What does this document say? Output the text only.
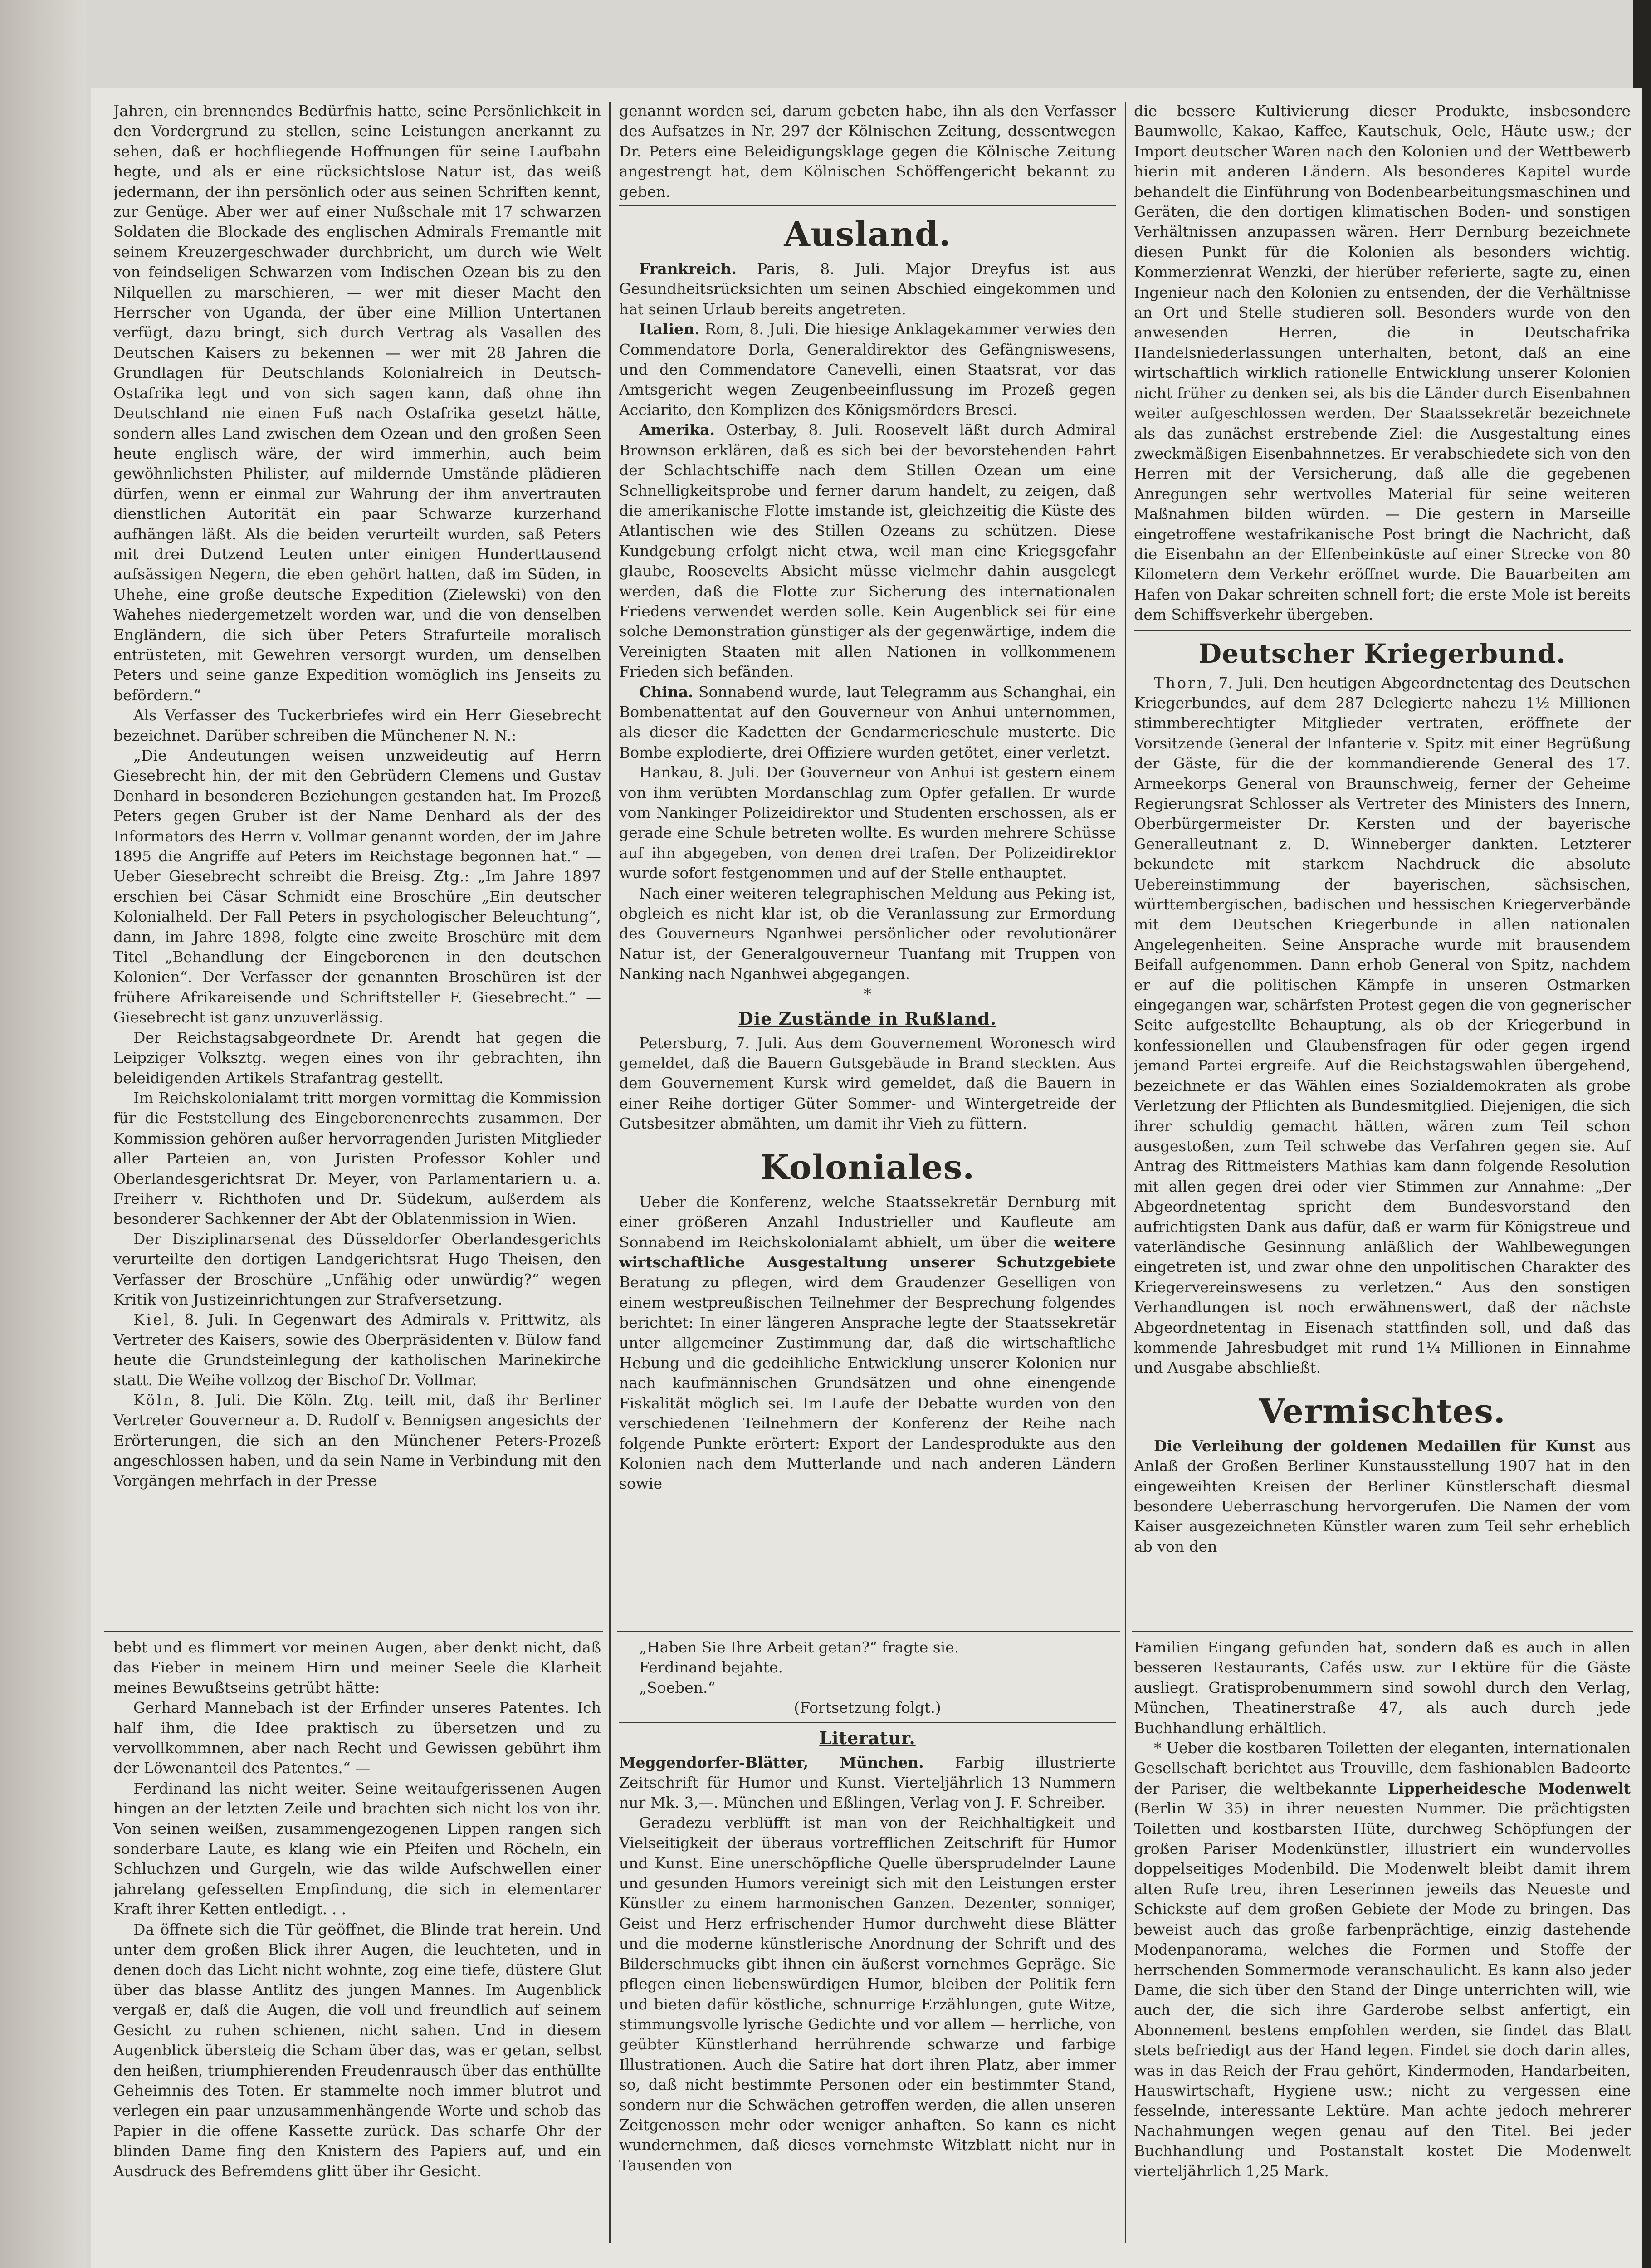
Jahren, ein brennendes Bedürfnis hatte, seine Persönlichkeit in den Vordergrund zu stellen, seine Leistungen anerkannt zu sehen, daß er hochfliegende Hoffnungen für seine Laufbahn hegte, und als er eine rücksichtslose Natur ist, das weiß jedermann, der ihn persönlich oder aus seinen Schriften kennt, zur Genüge. Aber wer auf einer Nußschale mit 17 schwarzen Soldaten die Blockade des englischen Admirals Fremantle mit seinem Kreuzergeschwader durchbricht, um durch wie Welt von feindseligen Schwarzen vom Indischen Ozean bis zu den Nilquellen zu marschieren, — wer mit dieser Macht den Herrscher von Uganda, der über eine Million Untertanen verfügt, dazu bringt, sich durch Vertrag als Vasallen des Deutschen Kaisers zu bekennen — wer mit 28 Jahren die Grundlagen für Deutschlands Kolonialreich in Deutsch-Ostafrika legt und von sich sagen kann, daß ohne ihn Deutschland nie einen Fuß nach Ostafrika gesetzt hätte, sondern alles Land zwischen dem Ozean und den großen Seen heute englisch wäre, der wird immerhin, auch beim gewöhnlichsten Philister, auf mildernde Umstände plädieren dürfen, wenn er einmal zur Wahrung der ihm anvertrauten dienstlichen Autorität ein paar Schwarze kurzerhand aufhängen läßt. Als die beiden verurteilt wurden, saß Peters mit drei Dutzend Leuten unter einigen Hunderttausend aufsässigen Negern, die eben gehört hatten, daß im Süden, in Uhehe, eine große deutsche Expedition (Zielewski) von den Wahehes niedergemetzelt worden war, und die von denselben Engländern, die sich über Peters Strafurteile moralisch entrüsteten, mit Gewehren versorgt wurden, um denselben Peters und seine ganze Expedition womöglich ins Jenseits zu befördern.“

Als Verfasser des Tuckerbriefes wird ein Herr Giesebrecht bezeichnet. Darüber schreiben die Münchener N. N.:

„Die Andeutungen weisen unzweideutig auf Herrn Giesebrecht hin, der mit den Gebrüdern Clemens und Gustav Denhard in besonderen Beziehungen gestanden hat. Im Prozeß Peters gegen Gruber ist der Name Denhard als der des Informators des Herrn v. Vollmar genannt worden, der im Jahre 1895 die Angriffe auf Peters im Reichstage begonnen hat.“ — Ueber Giesebrecht schreibt die Breisg. Ztg.: „Im Jahre 1897 erschien bei Cäsar Schmidt eine Broschüre „Ein deutscher Kolonialheld. Der Fall Peters in psychologischer Beleuchtung“, dann, im Jahre 1898, folgte eine zweite Broschüre mit dem Titel „Behandlung der Eingeborenen in den deutschen Kolonien“. Der Verfasser der genannten Broschüren ist der frühere Afrikareisende und Schriftsteller F. Giesebrecht.“ — Giesebrecht ist ganz unzuverlässig.

Der Reichstagsabgeordnete Dr. Arendt hat gegen die Leipziger Volksztg. wegen eines von ihr gebrachten, ihn beleidigenden Artikels Strafantrag gestellt.

Im Reichskolonialamt tritt morgen vormittag die Kommission für die Feststellung des Eingeborenenrechts zusammen. Der Kommission gehören außer hervorragenden Juristen Mitglieder aller Parteien an, von Juristen Professor Kohler und Oberlandesgerichtsrat Dr. Meyer, von Parlamentariern u. a. Freiherr v. Richthofen und Dr. Südekum, außerdem als besonderer Sachkenner der Abt der Oblatenmission in Wien.

Der Disziplinarsenat des Düsseldorfer Oberlandesgerichts verurteilte den dortigen Landgerichtsrat Hugo Theisen, den Verfasser der Broschüre „Unfähig oder unwürdig?“ wegen Kritik von Justizeinrichtungen zur Strafversetzung.

Kiel, 8. Juli. In Gegenwart des Admirals v. Prittwitz, als Vertreter des Kaisers, sowie des Oberpräsidenten v. Bülow fand heute die Grundsteinlegung der katholischen Marinekirche statt. Die Weihe vollzog der Bischof Dr. Vollmar.

Köln, 8. Juli. Die Köln. Ztg. teilt mit, daß ihr Berliner Vertreter Gouverneur a. D. Rudolf v. Bennigsen angesichts der Erörterungen, die sich an den Münchener Peters-Prozeß angeschlossen haben, und da sein Name in Verbindung mit den Vorgängen mehrfach in der Presse

bebt und es flimmert vor meinen Augen, aber denkt nicht, daß das Fieber in meinem Hirn und meiner Seele die Klarheit meines Bewußtseins getrübt hätte:

Gerhard Mannebach ist der Erfinder unseres Patentes. Ich half ihm, die Idee praktisch zu übersetzen und zu vervollkommnen, aber nach Recht und Gewissen gebührt ihm der Löwenanteil des Patentes.“ —

Ferdinand las nicht weiter. Seine weitaufgerissenen Augen hingen an der letzten Zeile und brachten sich nicht los von ihr. Von seinen weißen, zusammengezogenen Lippen rangen sich sonderbare Laute, es klang wie ein Pfeifen und Röcheln, ein Schluchzen und Gurgeln, wie das wilde Aufschwellen einer jahrelang gefesselten Empfindung, die sich in elementarer Kraft ihrer Ketten entledigt. . .

Da öffnete sich die Tür geöffnet, die Blinde trat herein. Und unter dem großen Blick ihrer Augen, die leuchteten, und in denen doch das Licht nicht wohnte, zog eine tiefe, düstere Glut über das blasse Antlitz des jungen Mannes. Im Augenblick vergaß er, daß die Augen, die voll und freundlich auf seinem Gesicht zu ruhen schienen, nicht sahen. Und in diesem Augenblick übersteig die Scham über das, was er getan, selbst den heißen, triumphierenden Freudenrausch über das enthüllte Geheimnis des Toten. Er stammelte noch immer blutrot und verlegen ein paar unzusammenhängende Worte und schob das Papier in die offene Kassette zurück. Das scharfe Ohr der blinden Dame fing den Knistern des Papiers auf, und ein Ausdruck des Befremdens glitt über ihr Gesicht.

genannt worden sei, darum gebeten habe, ihn als den Verfasser des Aufsatzes in Nr. 297 der Kölnischen Zeitung, dessentwegen Dr. Peters eine Beleidigungsklage gegen die Kölnische Zeitung angestrengt hat, dem Kölnischen Schöffengericht bekannt zu geben.

Ausland.

Frankreich. Paris, 8. Juli. Major Dreyfus ist aus Gesundheitsrücksichten um seinen Abschied eingekommen und hat seinen Urlaub bereits angetreten.

Italien. Rom, 8. Juli. Die hiesige Anklagekammer verwies den Commendatore Dorla, Generaldirektor des Gefängniswesens, und den Commendatore Canevelli, einen Staatsrat, vor das Amtsgericht wegen Zeugenbeeinflussung im Prozeß gegen Acciarito, den Komplizen des Königsmörders Bresci.

Amerika. Osterbay, 8. Juli. Roosevelt läßt durch Admiral Brownson erklären, daß es sich bei der bevorstehenden Fahrt der Schlachtschiffe nach dem Stillen Ozean um eine Schnelligkeitsprobe und ferner darum handelt, zu zeigen, daß die amerikanische Flotte imstande ist, gleichzeitig die Küste des Atlantischen wie des Stillen Ozeans zu schützen. Diese Kundgebung erfolgt nicht etwa, weil man eine Kriegsgefahr glaube, Roosevelts Absicht müsse vielmehr dahin ausgelegt werden, daß die Flotte zur Sicherung des internationalen Friedens verwendet werden solle. Kein Augenblick sei für eine solche Demonstration günstiger als der gegenwärtige, indem die Vereinigten Staaten mit allen Nationen in vollkommenem Frieden sich befänden.

China. Sonnabend wurde, laut Telegramm aus Schanghai, ein Bombenattentat auf den Gouverneur von Anhui unternommen, als dieser die Kadetten der Gendarmerieschule musterte. Die Bombe explodierte, drei Offiziere wurden getötet, einer verletzt.

Hankau, 8. Juli. Der Gouverneur von Anhui ist gestern einem von ihm verübten Mordanschlag zum Opfer gefallen. Er wurde vom Nankinger Polizeidirektor und Studenten erschossen, als er gerade eine Schule betreten wollte. Es wurden mehrere Schüsse auf ihn abgegeben, von denen drei trafen. Der Polizeidirektor wurde sofort festgenommen und auf der Stelle enthauptet.

Nach einer weiteren telegraphischen Meldung aus Peking ist, obgleich es nicht klar ist, ob die Veranlassung zur Ermordung des Gouverneurs Nganhwei persönlicher oder revolutionärer Natur ist, der Generalgouverneur Tuanfang mit Truppen von Nanking nach Nganhwei abgegangen.

*
Die Zustände in Rußland.

Petersburg, 7. Juli. Aus dem Gouvernement Woronesch wird gemeldet, daß die Bauern Gutsgebäude in Brand steckten. Aus dem Gouvernement Kursk wird gemeldet, daß die Bauern in einer Reihe dortiger Güter Sommer- und Wintergetreide der Gutsbesitzer abmähten, um damit ihr Vieh zu füttern.

Koloniales.

Ueber die Konferenz, welche Staatssekretär Dernburg mit einer größeren Anzahl Industrieller und Kaufleute am Sonnabend im Reichskolonialamt abhielt, um über die weitere wirtschaftliche Ausgestaltung unserer Schutzgebiete Beratung zu pflegen, wird dem Graudenzer Geselligen von einem westpreußischen Teilnehmer der Besprechung folgendes berichtet: In einer längeren Ansprache legte der Staatssekretär unter allgemeiner Zustimmung dar, daß die wirtschaftliche Hebung und die gedeihliche Entwicklung unserer Kolonien nur nach kaufmännischen Grundsätzen und ohne einengende Fiskalität möglich sei. Im Laufe der Debatte wurden von den verschiedenen Teilnehmern der Konferenz der Reihe nach folgende Punkte erörtert: Export der Landesprodukte aus den Kolonien nach dem Mutterlande und nach anderen Ländern sowie

„Haben Sie Ihre Arbeit getan?“ fragte sie.

Ferdinand bejahte.

„Soeben.“

(Fortsetzung folgt.)

Literatur.

Meggendorfer-Blätter, München. Farbig illustrierte Zeitschrift für Humor und Kunst. Vierteljährlich 13 Nummern nur Mk. 3,—. München und Eßlingen, Verlag von J. F. Schreiber.

Geradezu verblüfft ist man von der Reichhaltigkeit und Vielseitigkeit der überaus vortrefflichen Zeitschrift für Humor und Kunst. Eine unerschöpfliche Quelle übersprudelnder Laune und gesunden Humors vereinigt sich mit den Leistungen erster Künstler zu einem harmonischen Ganzen. Dezenter, sonniger, Geist und Herz erfrischender Humor durchweht diese Blätter und die moderne künstlerische Anordnung der Schrift und des Bilderschmucks gibt ihnen ein äußerst vornehmes Gepräge. Sie pflegen einen liebenswürdigen Humor, bleiben der Politik fern und bieten dafür köstliche, schnurrige Erzählungen, gute Witze, stimmungsvolle lyrische Gedichte und vor allem — herrliche, von geübter Künstlerhand herrührende schwarze und farbige Illustrationen. Auch die Satire hat dort ihren Platz, aber immer so, daß nicht bestimmte Personen oder ein bestimmter Stand, sondern nur die Schwächen getroffen werden, die allen unseren Zeitgenossen mehr oder weniger anhaften. So kann es nicht wundernehmen, daß dieses vornehmste Witzblatt nicht nur in Tausenden von

die bessere Kultivierung dieser Produkte, insbesondere Baumwolle, Kakao, Kaffee, Kautschuk, Oele, Häute usw.; der Import deutscher Waren nach den Kolonien und der Wettbewerb hierin mit anderen Ländern. Als besonderes Kapitel wurde behandelt die Einführung von Bodenbearbeitungsmaschinen und Geräten, die den dortigen klimatischen Boden- und sonstigen Verhältnissen anzupassen wären. Herr Dernburg bezeichnete diesen Punkt für die Kolonien als besonders wichtig. Kommerzienrat Wenzki, der hierüber referierte, sagte zu, einen Ingenieur nach den Kolonien zu entsenden, der die Verhältnisse an Ort und Stelle studieren soll. Besonders wurde von den anwesenden Herren, die in Deutschafrika Handelsniederlassungen unterhalten, betont, daß an eine wirtschaftlich wirklich rationelle Entwicklung unserer Kolonien nicht früher zu denken sei, als bis die Länder durch Eisenbahnen weiter aufgeschlossen werden. Der Staatssekretär bezeichnete als das zunächst erstrebende Ziel: die Ausgestaltung eines zweckmäßigen Eisenbahnnetzes. Er verabschiedete sich von den Herren mit der Versicherung, daß alle die gegebenen Anregungen sehr wertvolles Material für seine weiteren Maßnahmen bilden würden. — Die gestern in Marseille eingetroffene westafrikanische Post bringt die Nachricht, daß die Eisenbahn an der Elfenbeinküste auf einer Strecke von 80 Kilometern dem Verkehr eröffnet wurde. Die Bauarbeiten am Hafen von Dakar schreiten schnell fort; die erste Mole ist bereits dem Schiffsverkehr übergeben.

Deutscher Kriegerbund.

Thorn, 7. Juli. Den heutigen Abgeordnetentag des Deutschen Kriegerbundes, auf dem 287 Delegierte nahezu 1½ Millionen stimmberechtigter Mitglieder vertraten, eröffnete der Vorsitzende General der Infanterie v. Spitz mit einer Begrüßung der Gäste, für die der kommandierende General des 17. Armeekorps General von Braunschweig, ferner der Geheime Regierungsrat Schlosser als Vertreter des Ministers des Innern, Oberbürgermeister Dr. Kersten und der bayerische Generalleutnant z. D. Winneberger dankten. Letzterer bekundete mit starkem Nachdruck die absolute Uebereinstimmung der bayerischen, sächsischen, württembergischen, badischen und hessischen Kriegerverbände mit dem Deutschen Kriegerbunde in allen nationalen Angelegenheiten. Seine Ansprache wurde mit brausendem Beifall aufgenommen. Dann erhob General von Spitz, nachdem er auf die politischen Kämpfe in unseren Ostmarken eingegangen war, schärfsten Protest gegen die von gegnerischer Seite aufgestellte Behauptung, als ob der Kriegerbund in konfessionellen und Glaubensfragen für oder gegen irgend jemand Partei ergreife. Auf die Reichstagswahlen übergehend, bezeichnete er das Wählen eines Sozialdemokraten als grobe Verletzung der Pflichten als Bundesmitglied. Diejenigen, die sich ihrer schuldig gemacht hätten, wären zum Teil schon ausgestoßen, zum Teil schwebe das Verfahren gegen sie. Auf Antrag des Rittmeisters Mathias kam dann folgende Resolution mit allen gegen drei oder vier Stimmen zur Annahme: „Der Abgeordnetentag spricht dem Bundesvorstand den aufrichtigsten Dank aus dafür, daß er warm für Königstreue und vaterländische Gesinnung anläßlich der Wahlbewegungen eingetreten ist, und zwar ohne den unpolitischen Charakter des Kriegervereinswesens zu verletzen.“ Aus den sonstigen Verhandlungen ist noch erwähnenswert, daß der nächste Abgeordnetentag in Eisenach stattfinden soll, und daß das kommende Jahresbudget mit rund 1¼ Millionen in Einnahme und Ausgabe abschließt.

Vermischtes.

Die Verleihung der goldenen Medaillen für Kunst aus Anlaß der Großen Berliner Kunstausstellung 1907 hat in den eingeweihten Kreisen der Berliner Künstlerschaft diesmal besondere Ueberraschung hervorgerufen. Die Namen der vom Kaiser ausgezeichneten Künstler waren zum Teil sehr erheblich ab von den

Familien Eingang gefunden hat, sondern daß es auch in allen besseren Restaurants, Cafés usw. zur Lektüre für die Gäste ausliegt. Gratisprobenummern sind sowohl durch den Verlag, München, Theatinerstraße 47, als auch durch jede Buchhandlung erhältlich.

* Ueber die kostbaren Toiletten der eleganten, internationalen Gesellschaft berichtet aus Trouville, dem fashionablen Badeorte der Pariser, die weltbekannte Lipperheidesche Modenwelt (Berlin W 35) in ihrer neuesten Nummer. Die prächtigsten Toiletten und kostbarsten Hüte, durchweg Schöpfungen der großen Pariser Modenkünstler, illustriert ein wundervolles doppelseitiges Modenbild. Die Modenwelt bleibt damit ihrem alten Rufe treu, ihren Leserinnen jeweils das Neueste und Schickste auf dem großen Gebiete der Mode zu bringen. Das beweist auch das große farbenprächtige, einzig dastehende Modenpanorama, welches die Formen und Stoffe der herrschenden Sommermode veranschaulicht. Es kann also jeder Dame, die sich über den Stand der Dinge unterrichten will, wie auch der, die sich ihre Garderobe selbst anfertigt, ein Abonnement bestens empfohlen werden, sie findet das Blatt stets befriedigt aus der Hand legen. Findet sie doch darin alles, was in das Reich der Frau gehört, Kindermoden, Handarbeiten, Hauswirtschaft, Hygiene usw.; nicht zu vergessen eine fesselnde, interessante Lektüre. Man achte jedoch mehrerer Nachahmungen wegen genau auf den Titel. Bei jeder Buchhandlung und Postanstalt kostet Die Modenwelt vierteljährlich 1,25 Mark.
